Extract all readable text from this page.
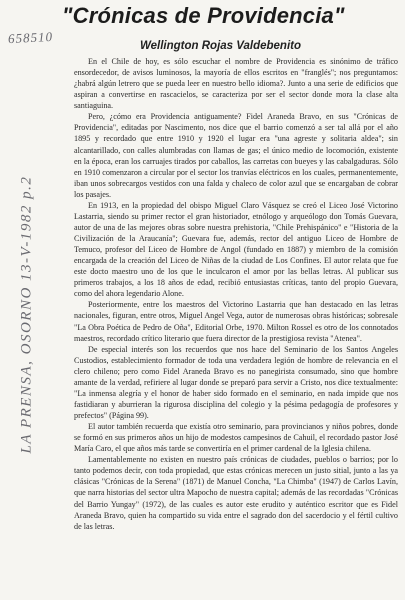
658510
LA PRENSA, OSORNO 13-V-1982 p.2
"Crónicas de Providencia"
Wellington Rojas Valdebenito

En el Chile de hoy, es sólo escuchar el nombre de Providencia es sinónimo de tráfico ensordecedor, de avisos luminosos, la mayoría de ellos escritos en "franglés"; nos preguntamos: ¿habrá algún letrero que se pueda leer en nuestro bello idioma?. Junto a una serie de edificios que aspiran a convertirse en rascacielos, se caracteriza por ser el sector donde mora la clase alta santiaguina.

Pero, ¿cómo era Providencia antiguamente? Fidel Araneda Bravo, en sus "Crónicas de Providencia", editadas por Nascimento, nos dice que el barrio comenzó a ser tal allá por el año 1895 y recordado que entre 1910 y 1920 el lugar era "una agreste y solitaria aldea"; sin alcantarillado, con calles alumbradas con llamas de gas; el único medio de locomoción, existente en la época, eran los carruajes tirados por caballos, las carretas con bueyes y las cabalgaduras. Sólo en 1910 comenzaron a circular por el sector los tranvías eléctricos en los cuales, permanentemente, iban unos sobrecargos vestidos con una falda y chaleco de color azul que se encargaban de cobrar los pasajes.

En 1913, en la propiedad del obispo Miguel Claro Vásquez se creó el Liceo José Victorino Lastarria, siendo su primer rector el gran historiador, etnólogo y arqueólogo don Tomás Guevara, autor de una de las mejores obras sobre nuestra prehistoria, "Chile Prehispánico" e "Historia de la Civilización de la Araucanía"; Guevara fue, además, rector del antiguo Liceo de Hombre de Temuco, profesor del Liceo de Hombre de Angol (fundado en 1887) y miembro de la comisión encargada de la creación del Liceo de Niñas de la ciudad de Los Confines. El autor relata que fue este docto maestro uno de los que le inculcaron el amor por las bellas letras. Al publicar sus primeros trabajos, a los 18 años de edad, recibió entusiastas críticas, tanto del propio Guevara, como del ahora legendario Alone.

Posteriormente, entre los maestros del Victorino Lastarria que han destacado en las letras nacionales, figuran, entre otros, Miguel Angel Vega, autor de numerosas obras históricas; sobresale "La Obra Poética de Pedro de Oña", Editorial Orbe, 1970. Milton Rossel es otro de los connotados maestros, recordado crítico literario que fuera director de la prestigiosa revista "Atenea".

De especial interés son los recuerdos que nos hace del Seminario de los Santos Angeles Custodios, establecimiento formador de toda una verdadera legión de hombre de relevancia en el clero chileno; pero como Fidel Araneda Bravo es no panegirista consumado, sino que hombre amante de la verdad, refiriere al lugar donde se preparó para servir a Cristo, nos dice textualmente: "La inmensa alegría y el honor de haber sido formado en el seminario, en nada impide que nos fastidiaran y aburrieran la rigurosa disciplina del colegio y la pésima pedagogía de profesores y prefectos" (Página 99).

El autor también recuerda que existía otro seminario, para provincianos y niños pobres, donde se formó en sus primeros años un hijo de modestos campesinos de Cahuil, el recordado pastor José María Caro, el que años más tarde se convertiría en el primer cardenal de la Iglesia chilena.

Lamentablemente no existen en nuestro país crónicas de ciudades, pueblos o barrios; por lo tanto podemos decir, con toda propiedad, que estas crónicas merecen un justo sitial, junto a las ya clásicas "Crónicas de la Serena" (1871) de Manuel Concha, "La Chimba" (1947) de Carlos Lavín, que narra historias del sector ultra Mapocho de nuestra capital; además de las recordadas "Crónicas del Barrio Yungay" (1972), de las cuales es autor este erudito y auténtico escritor que es Fidel Araneda Bravo, quien ha compartido su vida entre el sagrado don del sacerdocio y el fértil cultivo de las letras.
